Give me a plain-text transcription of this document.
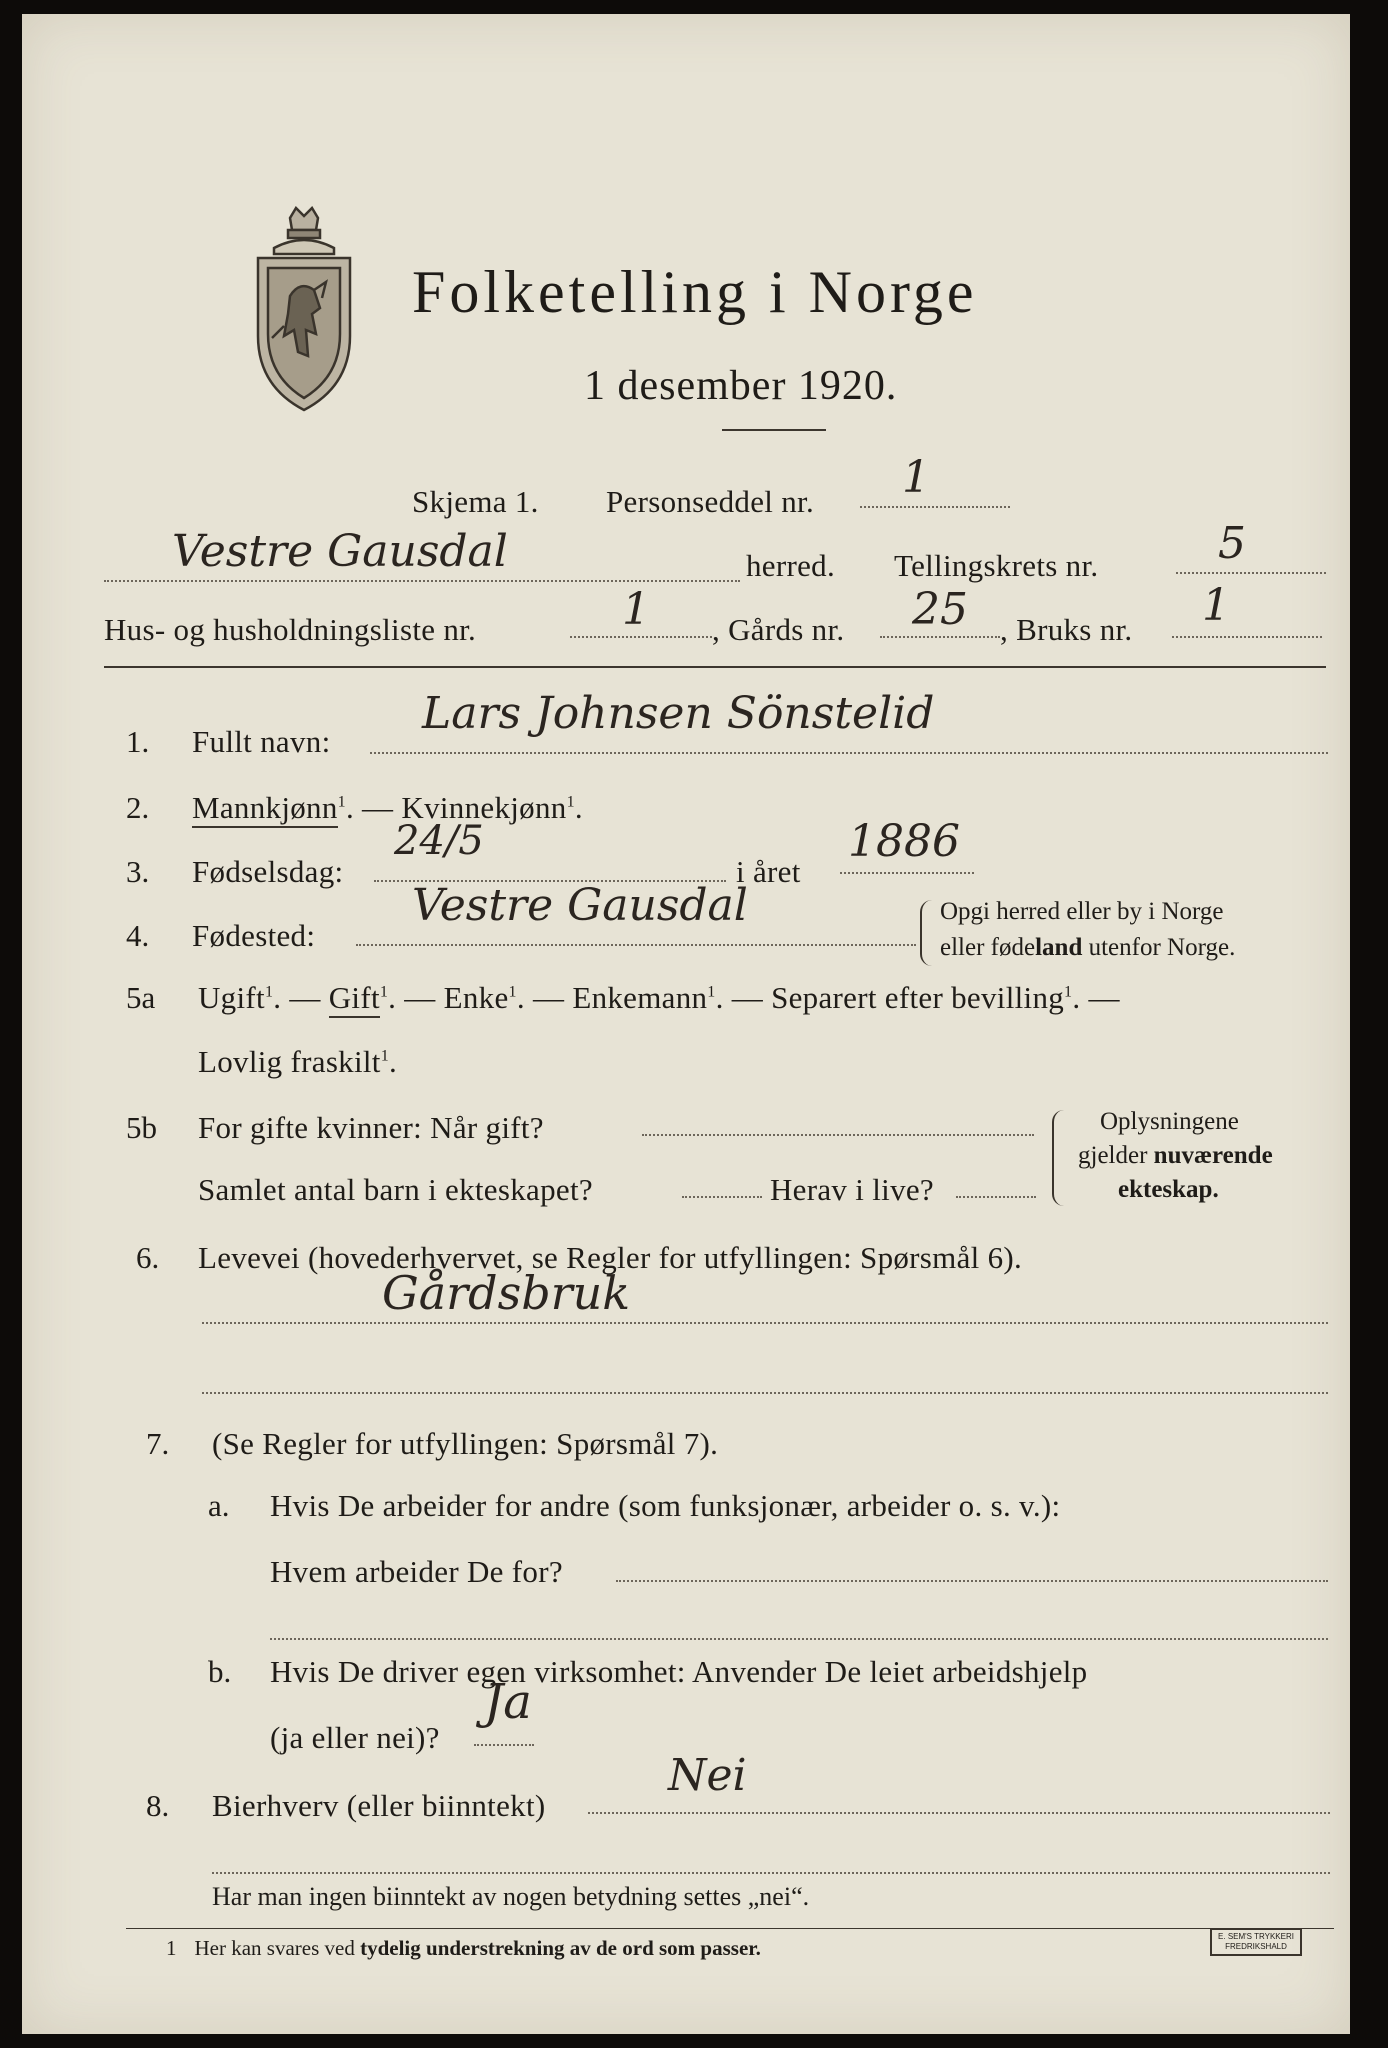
Folketelling i Norge
1 desember 1920.
Skjema 1. Personseddel nr. 1
Vestre Gausdal	herred. Tellingskrets nr.	5
Hus- og husholdningsliste nr.	1 , Gårds nr. 25 , Bruks nr. 1
1. Fullt navn:
Lars Johnsen Sönstelid
2. Mannkjønn$^1$. — Kvinnekjønn$^1$.
3. Fødselsdag:
24/5
i året
1886
4. Fødested:
Vestre Gausdal	Opgi herred eller by i Norge
eller fødeland utenfor Norge.
5a Ugift$^1$. — Gift$^1$. — Enke$^1$. — Enkemann$^1$. — Separert efter bevilling$^1$. —
Lovlig fraskilt$^1$.
5b For gifte kvinner: Når gift?
Samlet antal barn i ekteskapet?	Herav i live?
Oplysningene
gjelder nuværende
ekteskap.
6. Levevei (hovederhvervet, se Regler for utfyllingen: Spørsmål 6).
Gårdsbruk
7. (Se Regler for utfyllingen: Spørsmål 7).
a. Hvis De arbeider for andre (som funksjonær, arbeider o. s. v.):
Hvem arbeider De for?
b. Hvis De driver egen virksomhet: Anvender De leiet arbeidshjelp
(ja eller nei)?
Ja
8. Bierhverv (eller biinntekt)
Nei
Har man ingen biinntekt av nogen betydning settes „nei“.
1 Her kan svares ved tydelig understrekning av de ord som passer.	E. SEM'S TRYKKERI
FREDRIKSHALD
